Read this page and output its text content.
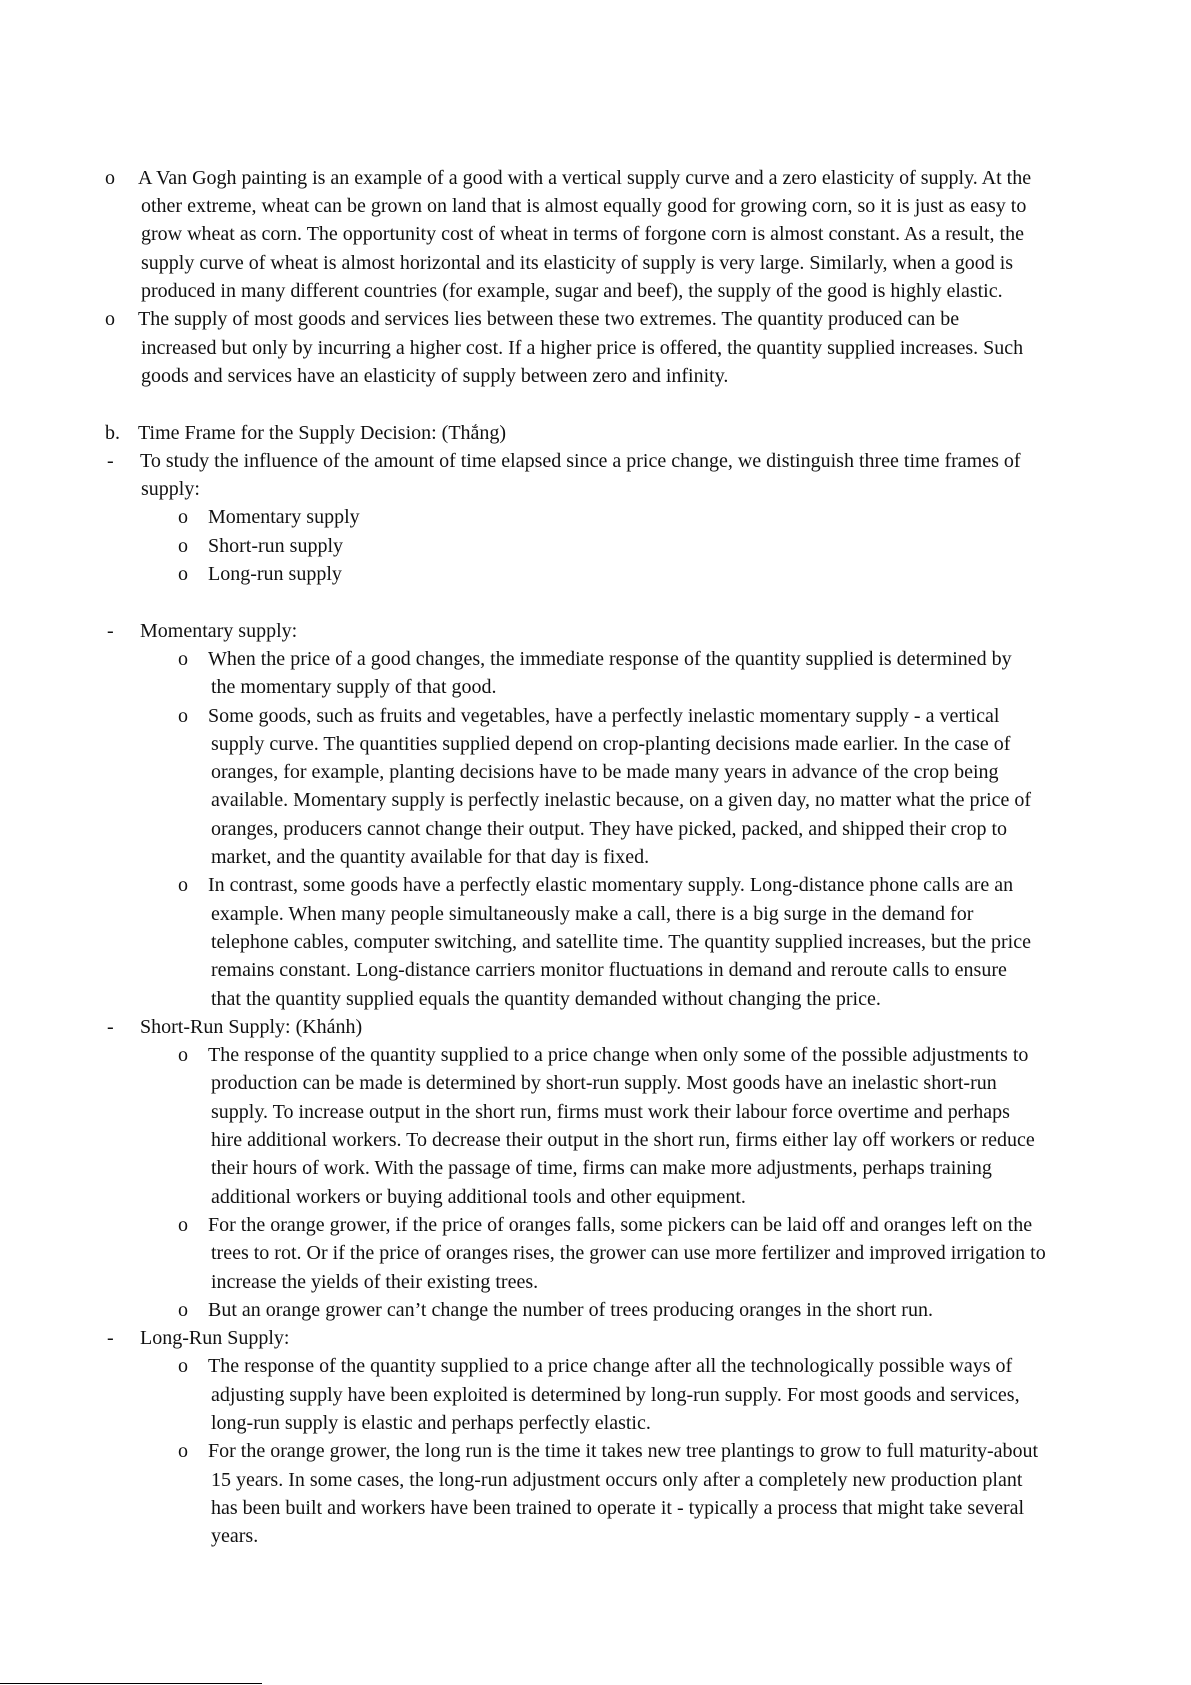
o A Van Gogh painting is an example of a good with a vertical supply curve and a zero elasticity of supply. At the
other extreme, wheat can be grown on land that is almost equally good for growing corn, so it is just as easy to
grow wheat as corn. The opportunity cost of wheat in terms of forgone corn is almost constant. As a result, the
supply curve of wheat is almost horizontal and its elasticity of supply is very large. Similarly, when a good is
produced in many different countries (for example, sugar and beef), the supply of the good is highly elastic.
o The supply of most goods and services lies between these two extremes. The quantity produced can be
increased but only by incurring a higher cost. If a higher price is offered, the quantity supplied increases. Such
goods and services have an elasticity of supply between zero and infinity.
b. Time Frame for the Supply Decision: (Thắng)
- To study the influence of the amount of time elapsed since a price change, we distinguish three time frames of
supply:
o Momentary supply
o Short-run supply
o Long-run supply
- Momentary supply:
o When the price of a good changes, the immediate response of the quantity supplied is determined by
the momentary supply of that good.
o Some goods, such as fruits and vegetables, have a perfectly inelastic momentary supply - a vertical
supply curve. The quantities supplied depend on crop-planting decisions made earlier. In the case of
oranges, for example, planting decisions have to be made many years in advance of the crop being
available. Momentary supply is perfectly inelastic because, on a given day, no matter what the price of
oranges, producers cannot change their output. They have picked, packed, and shipped their crop to
market, and the quantity available for that day is fixed.
o In contrast, some goods have a perfectly elastic momentary supply. Long-distance phone calls are an
example. When many people simultaneously make a call, there is a big surge in the demand for
telephone cables, computer switching, and satellite time. The quantity supplied increases, but the price
remains constant. Long-distance carriers monitor fluctuations in demand and reroute calls to ensure
that the quantity supplied equals the quantity demanded without changing the price.
- Short-Run Supply: (Khánh)
o The response of the quantity supplied to a price change when only some of the possible adjustments to
production can be made is determined by short-run supply. Most goods have an inelastic short-run
supply. To increase output in the short run, firms must work their labour force overtime and perhaps
hire additional workers. To decrease their output in the short run, firms either lay off workers or reduce
their hours of work. With the passage of time, firms can make more adjustments, perhaps training
additional workers or buying additional tools and other equipment.
o For the orange grower, if the price of oranges falls, some pickers can be laid off and oranges left on the
trees to rot. Or if the price of oranges rises, the grower can use more fertilizer and improved irrigation to
increase the yields of their existing trees.
o But an orange grower can’t change the number of trees producing oranges in the short run.
- Long-Run Supply:
o The response of the quantity supplied to a price change after all the technologically possible ways of
adjusting supply have been exploited is determined by long-run supply. For most goods and services,
long-run supply is elastic and perhaps perfectly elastic.
o For the orange grower, the long run is the time it takes new tree plantings to grow to full maturity-about
15 years. In some cases, the long-run adjustment occurs only after a completely new production plant
has been built and workers have been trained to operate it - typically a process that might take several
years.
